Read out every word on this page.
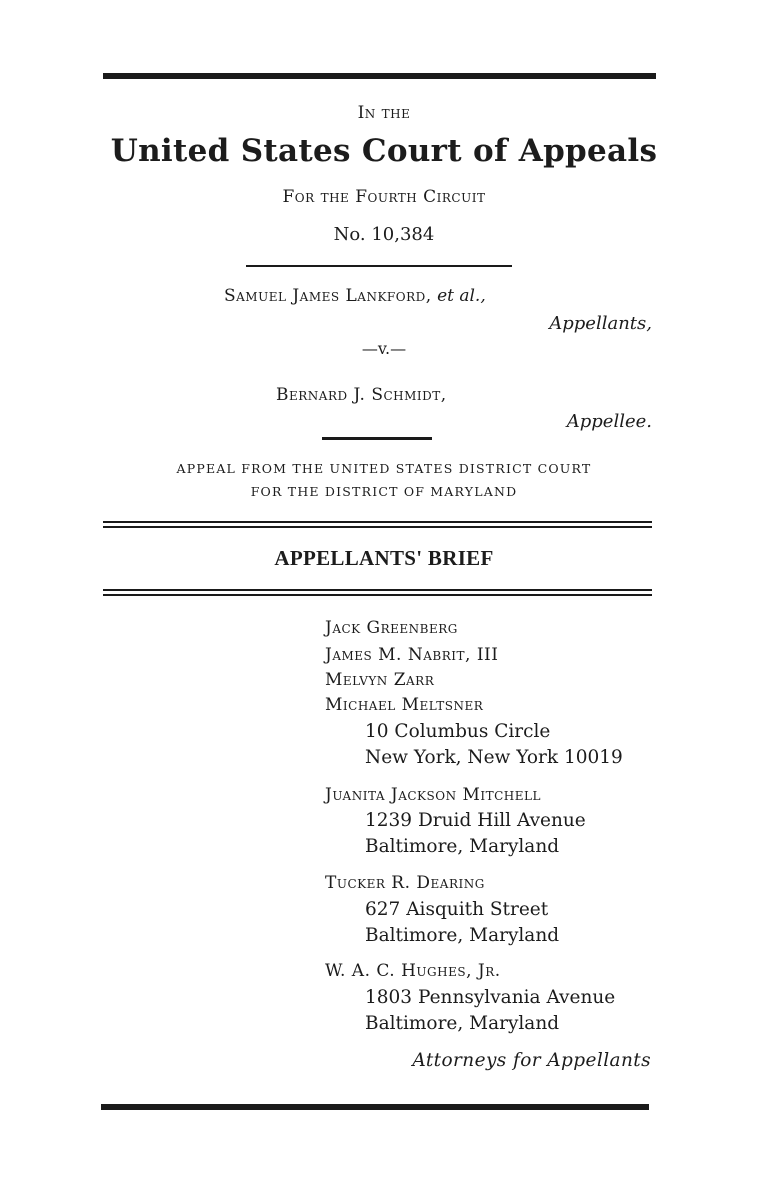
In the
United States Court of Appeals
For the Fourth Circuit
No. 10,384
Samuel James Lankford, et al.,
Appellants,
—v.—
Bernard J. Schmidt,
Appellee.
APPEAL FROM THE UNITED STATES DISTRICT COURT
FOR THE DISTRICT OF MARYLAND
APPELLANTS' BRIEF
Jack Greenberg
James M. Nabrit, III
Melvyn Zarr
Michael Meltsner
10 Columbus Circle
New York, New York 10019
Juanita Jackson Mitchell
1239 Druid Hill Avenue
Baltimore, Maryland
Tucker R. Dearing
627 Aisquith Street
Baltimore, Maryland
W. A. C. Hughes, Jr.
1803 Pennsylvania Avenue
Baltimore, Maryland
Attorneys for Appellants
